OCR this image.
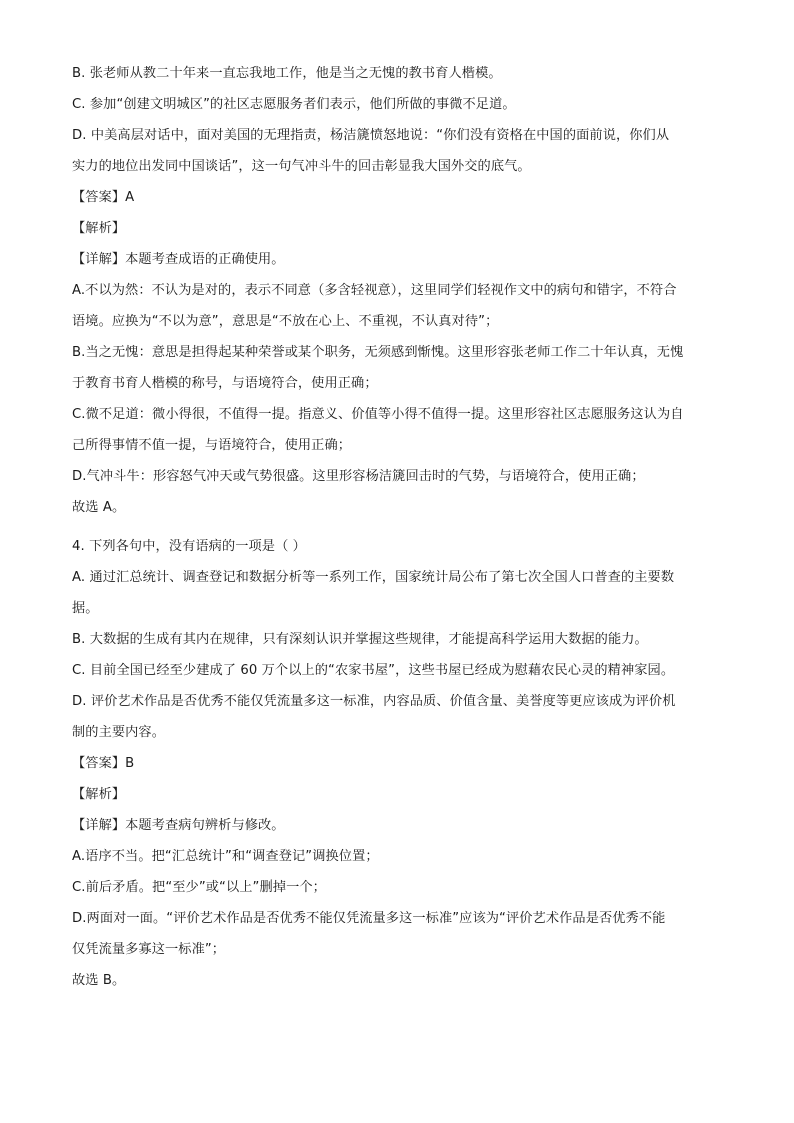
B. 张老师从教二十年来一直忘我地工作，他是当之无愧的教书育人楷模。
C. 参加“创建文明城区”的社区志愿服务者们表示，他们所做的事微不足道。
D. 中美高层对话中，面对美国的无理指责，杨洁篪愤怒地说：“你们没有资格在中国的面前说，你们从
实力的地位出发同中国谈话”，这一句气冲斗牛的回击彰显我大国外交的底气。
【答案】A
【解析】
【详解】本题考查成语的正确使用。
A.不以为然：不认为是对的，表示不同意（多含轻视意），这里同学们轻视作文中的病句和错字，不符合
语境。应换为“不以为意”，意思是“不放在心上、不重视，不认真对待”；
B.当之无愧：意思是担得起某种荣誉或某个职务，无须感到惭愧。这里形容张老师工作二十年认真，无愧
于教育书育人楷模的称号，与语境符合，使用正确；
C.微不足道：微小得很，不值得一提。指意义、价值等小得不值得一提。这里形容社区志愿服务这认为自
己所得事情不值一提，与语境符合，使用正确；
D.气冲斗牛：形容怒气冲天或气势很盛。这里形容杨洁篪回击时的气势，与语境符合，使用正确；
故选 A。
4. 下列各句中，没有语病的一项是（ ）
A. 通过汇总统计、调查登记和数据分析等一系列工作，国家统计局公布了第七次全国人口普查的主要数
据。
B. 大数据的生成有其内在规律，只有深刻认识并掌握这些规律，才能提高科学运用大数据的能力。
C. 目前全国已经至少建成了 60 万个以上的“农家书屋”，这些书屋已经成为慰藉农民心灵的精神家园。
D. 评价艺术作品是否优秀不能仅凭流量多这一标准，内容品质、价值含量、美誉度等更应该成为评价机
制的主要内容。
【答案】B
【解析】
【详解】本题考查病句辨析与修改。
A.语序不当。把“汇总统计”和“调查登记”调换位置；
C.前后矛盾。把“至少”或“以上”删掉一个；
D.两面对一面。“评价艺术作品是否优秀不能仅凭流量多这一标准”应该为“评价艺术作品是否优秀不能
仅凭流量多寡这一标准”；
故选 B。
